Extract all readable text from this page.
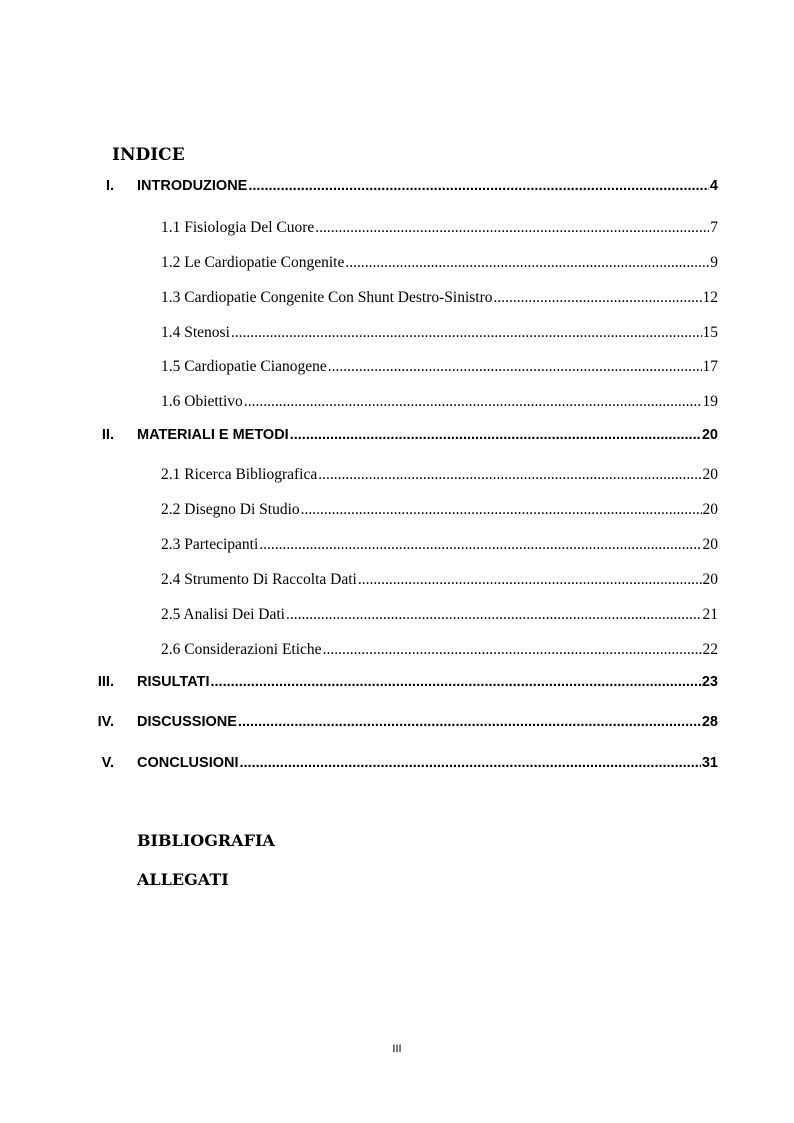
INDICE
I. INTRODUZIONE .....	4
1.1 Fisiologia Del Cuore .....	7
1.2 Le Cardiopatie Congenite .....	9
1.3 Cardiopatie Congenite Con Shunt Destro-Sinistro .....	12
1.4 Stenosi .....	15
1.5 Cardiopatie Cianogene .....	17
1.6 Obiettivo .....	19
II. MATERIALI E METODI .....	20
2.1 Ricerca Bibliografica .....	20
2.2 Disegno Di Studio .....	20
2.3 Partecipanti .....	20
2.4 Strumento Di Raccolta Dati .....	20
2.5 Analisi Dei Dati .....	21
2.6 Considerazioni Etiche .....	22
III. RISULTATI .....	23
IV. DISCUSSIONE .....	28
V. CONCLUSIONI .....	31
BIBLIOGRAFIA
ALLEGATI
III
